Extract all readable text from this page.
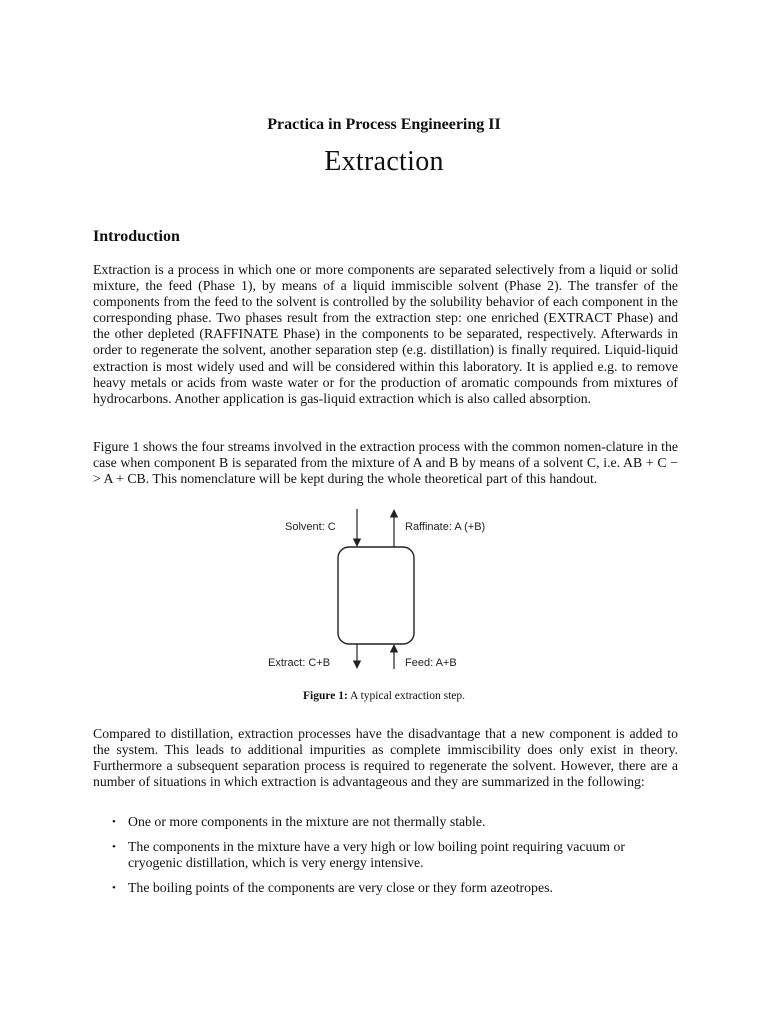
Practica in Process Engineering II
Extraction
Introduction

Extraction is a process in which one or more components are separated selectively from a liquid or solid mixture, the feed (Phase 1), by means of a liquid immiscible solvent (Phase 2). The transfer of the components from the feed to the solvent is controlled by the solubility behavior of each component in the corresponding phase. Two phases result from the extraction step: one enriched (EXTRACT Phase) and the other depleted (RAFFINATE Phase) in the components to be separated, respectively. Afterwards in order to regenerate the solvent, another separation step (e.g. distillation) is finally required. Liquid-liquid extraction is most widely used and will be considered within this laboratory. It is applied e.g. to remove heavy metals or acids from waste water or for the production of aromatic compounds from mixtures of hydrocarbons. Another application is gas-liquid extraction which is also called absorption.

Figure 1 shows the four streams involved in the extraction process with the common nomen-clature in the case when component B is separated from the mixture of A and B by means of a solvent C, i.e. AB + C − > A + CB. This nomenclature will be kept during the whole theoretical part of this handout.

Solvent: C	Raffinate: A (+B)
Extract: C+B	Feed: A+B
Figure 1: A typical extraction step.

Compared to distillation, extraction processes have the disadvantage that a new component is added to the system. This leads to additional impurities as complete immiscibility does only exist in theory. Furthermore a subsequent separation process is required to regenerate the solvent. However, there are a number of situations in which extraction is advantageous and they are summarized in the following:

• One or more components in the mixture are not thermally stable.
• The components in the mixture have a very high or low boiling point requiring vacuum or cryogenic distillation, which is very energy intensive.
• The boiling points of the components are very close or they form azeotropes.
